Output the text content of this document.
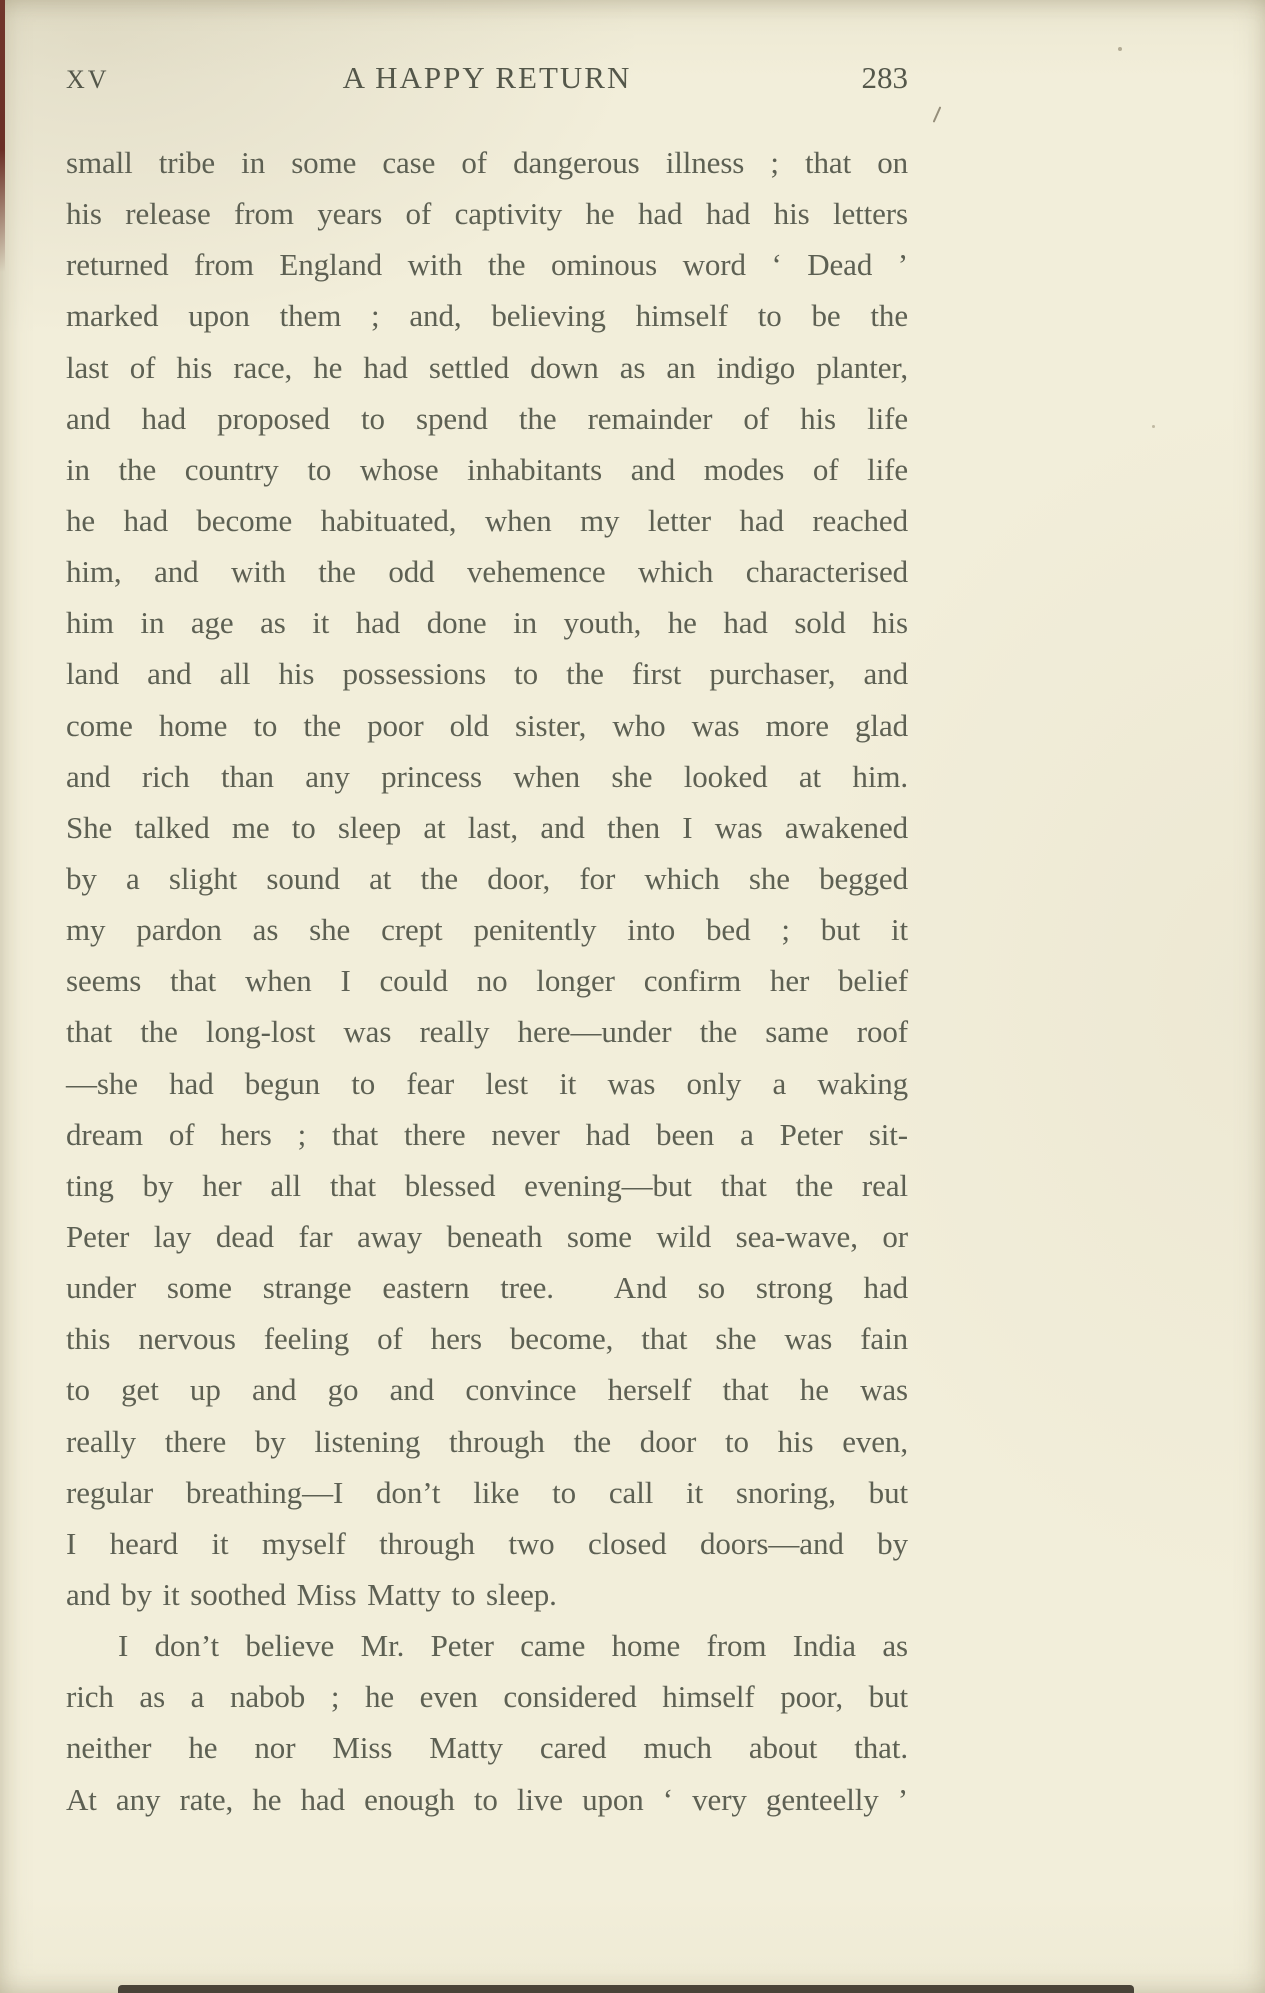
XV	A HAPPY RETURN	283
small tribe in some case of dangerous illness ; that on
his release from years of captivity he had had his letters
returned from England with the ominous word ‘ Dead ’
marked upon them ; and, believing himself to be the
last of his race, he had settled down as an indigo planter,
and had proposed to spend the remainder of his life
in the country to whose inhabitants and modes of life
he had become habituated, when my letter had reached
him, and with the odd vehemence which characterised
him in age as it had done in youth, he had sold his
land and all his possessions to the first purchaser, and
come home to the poor old sister, who was more glad
and rich than any princess when she looked at him.
She talked me to sleep at last, and then I was awakened
by a slight sound at the door, for which she begged
my pardon as she crept penitently into bed ; but it
seems that when I could no longer confirm her belief
that the long-lost was really here—under the same roof
—she had begun to fear lest it was only a waking
dream of hers ; that there never had been a Peter sit-
ting by her all that blessed evening—but that the real
Peter lay dead far away beneath some wild sea-wave, or
under some strange eastern tree.  And so strong had
this nervous feeling of hers become, that she was fain
to get up and go and convince herself that he was
really there by listening through the door to his even,
regular breathing—I don’t like to call it snoring, but
I heard it myself through two closed doors—and by
and by it soothed Miss Matty to sleep.
I don’t believe Mr. Peter came home from India as
rich as a nabob ; he even considered himself poor, but
neither he nor Miss Matty cared much about that.
At any rate, he had enough to live upon ‘ very genteelly ’
